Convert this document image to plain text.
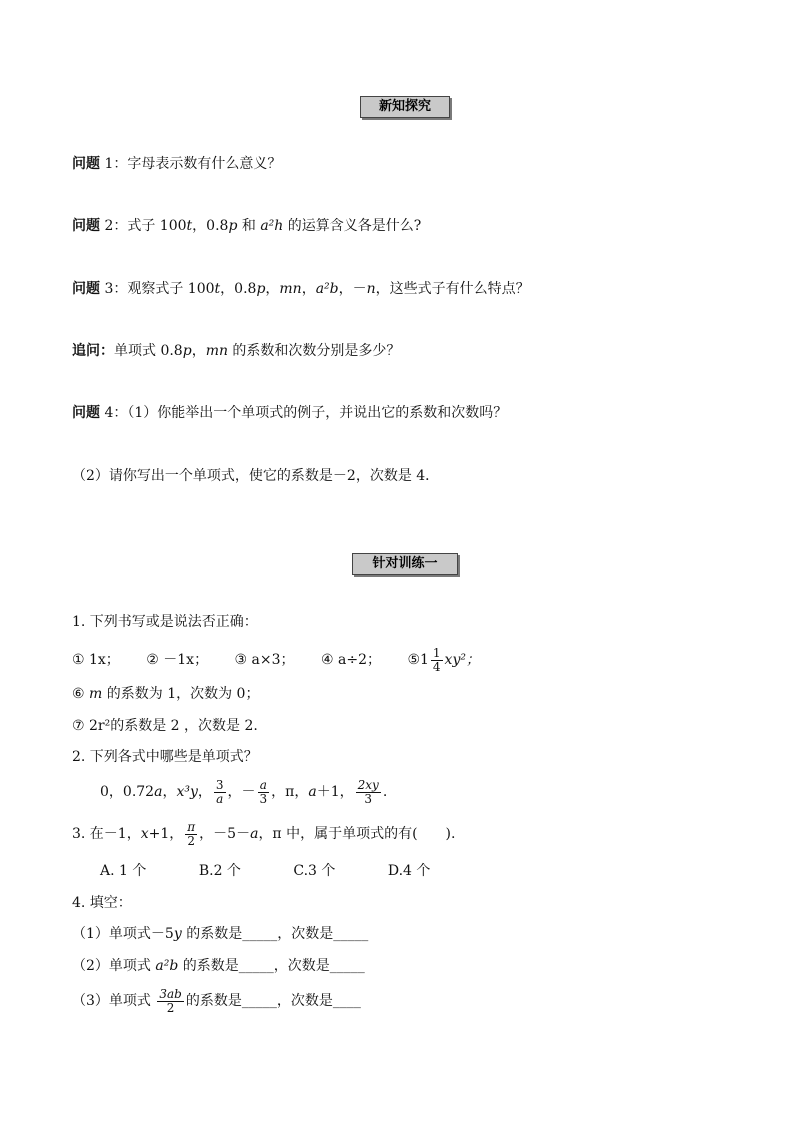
新知探究
问题 1：字母表示数有什么意义？
问题 2：式子 100t，0.8p 和 a²h 的运算含义各是什么?
问题 3：观察式子 100t，0.8p，mn，a²b，－n，这些式子有什么特点？
追问：单项式 0.8p，mn 的系数和次数分别是多少？
问题 4：（1）你能举出一个单项式的例子，并说出它的系数和次数吗？
（2）请你写出一个单项式，使它的系数是－2，次数是 4．
针对训练一
1. 下列书写或是说法否正确：
① 1x； ② －1x； ③ a×3； ④ a÷2； ⑤1 $\frac{1}{4} xy^2$；
⑥ m 的系数为 1，次数为 0；
⑦ 2r²的系数是 2 ，次数是 2.
2. 下列各式中哪些是单项式？
0，0.72a，x³y， $\frac{3}{a}$ ，－ $\frac{a}{3}$ ，π，a＋1， $\frac{2xy}{3}$ .
3. 在－1，x+1， $\frac{\pi}{2}$ ，－5－a，π 中，属于单项式的有(　　).
A. 1 个	B.2 个	C.3 个	D.4 个
4. 填空：
（1）单项式－5y 的系数是_____，次数是_____
（2）单项式 a²b 的系数是_____，次数是_____
（3）单项式 $\frac{3ab}{2}$ 的系数是_____，次数是____
